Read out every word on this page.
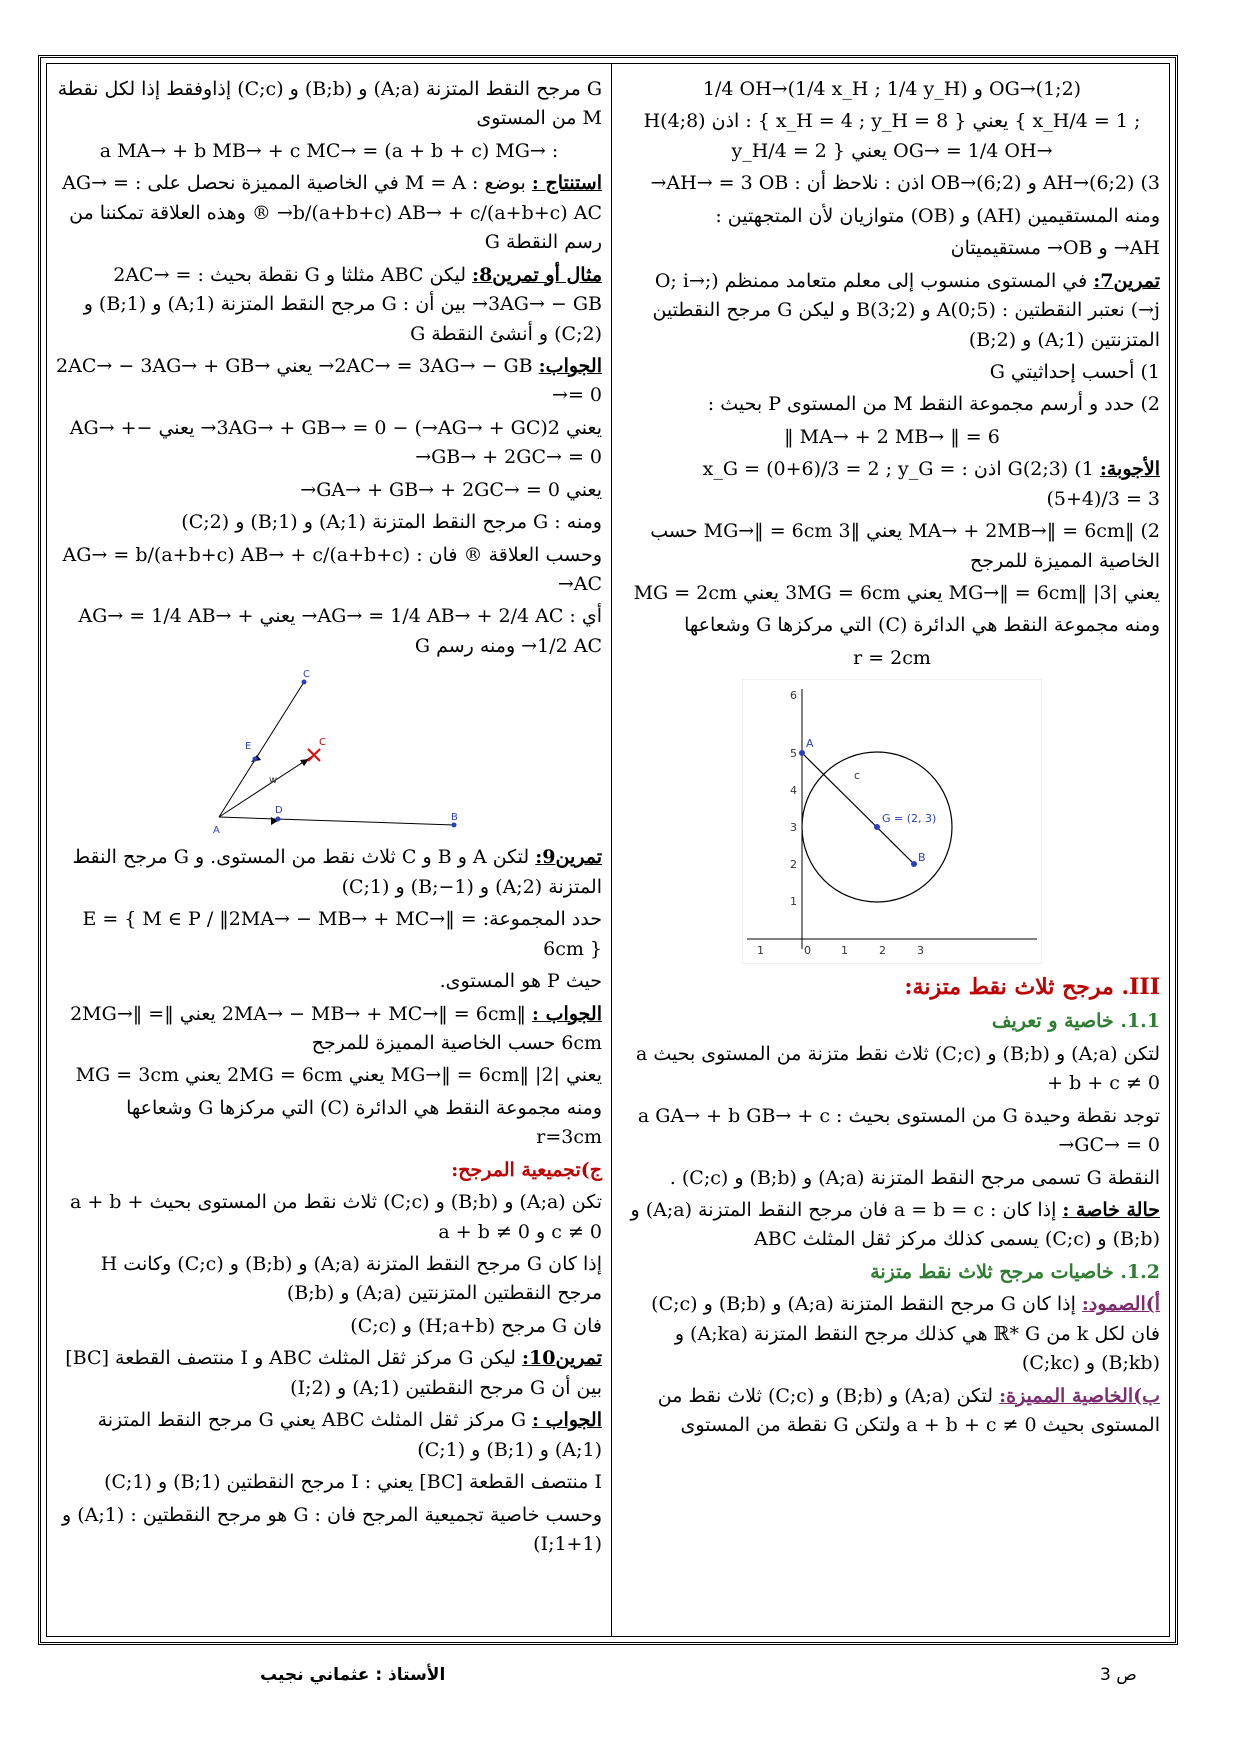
1/4 OH→(1/4 x_H ; 1/4 y_H) و OG→(1;2)

H(4;8) اذن : { x_H = 4 ; y_H = 8 } يعني { x_H/4 = 1 ; y_H/4 = 2 } يعني OG→ = 1/4 OH→

3) AH→(6;2) و OB→(6;2) اذن : نلاحظ أن : AH→ = 3 OB→

ومنه المستقيمين (AH) و (OB) متوازيان لأن المتجهتين :

AH→ و OB→ مستقيميتان

تمرين7: في المستوى منسوب إلى معلم متعامد ممنظم (O; i→; j→) نعتبر النقطتين : A(0;5) و B(3;2) و ليكن G مرجح النقطتين المتزنتين (A;1) و (B;2)

1) أحسب إحداثيتي G

2) حدد و أرسم مجموعة النقط M من المستوى P بحيث :

‖ MA→ + 2 MB→ ‖ = 6

الأجوبة: 1) G(2;3) اذن : x_G = (0+6)/3 = 2 ; y_G = (5+4)/3 = 3

2) ‖MA→ + 2MB→‖ = 6cm يعني ‖3 MG→‖ = 6cm حسب الخاصية المميزة للمرجح

يعني |3| ‖MG→‖ = 6cm يعني 3MG = 6cm يعني MG = 2cm

ومنه مجموعة النقط هي الدائرة (C) التي مركزها G وشعاعها

r = 2cm

1	0	1	2	3
1
2
3
4
5
6
A
G = (2, 3)
B
c

III. مرجح ثلاث نقط متزنة:

1.1. خاصية و تعريف

لتكن (A;a) و (B;b) و (C;c) ثلاث نقط متزنة من المستوى بحيث a + b + c ≠ 0

توجد نقطة وحيدة G من المستوى بحيث : a GA→ + b GB→ + c GC→ = 0→

النقطة G تسمى مرجح النقط المتزنة (A;a) و (B;b) و (C;c) .

حالة خاصة : إذا كان : a = b = c فان مرجح النقط المتزنة (A;a) و (B;b) و (C;c) يسمى كذلك مركز ثقل المثلث ABC

1.2. خاصيات مرجح ثلاث نقط متزنة

أ)الصمود: إذا كان G مرجح النقط المتزنة (A;a) و (B;b) و (C;c) فان لكل k من ℝ* G هي كذلك مرجح النقط المتزنة (A;ka) و (B;kb) و (C;kc)

ب)الخاصية المميزة: لتكن (A;a) و (B;b) و (C;c) ثلاث نقط من المستوى بحيث a + b + c ≠ 0 ولتكن G نقطة من المستوى

G مرجح النقط المتزنة (A;a) و (B;b) و (C;c) إذاوفقط إذا لكل نقطة M من المستوى

a MA→ + b MB→ + c MC→ = (a + b + c) MG→ :

استنتاج : بوضع : M = A في الخاصية المميزة نحصل على : AG→ = b/(a+b+c) AB→ + c/(a+b+c) AC→ ® وهذه العلاقة تمكننا من رسم النقطة G

مثال أو تمرين8: ليكن ABC مثلثا و G نقطة بحيث : 2AC→ = 3AG→ − GB→ بين أن : G مرجح النقط المتزنة (A;1) و (B;1) و (C;2) و أنشئ النقطة G

الجواب: 2AC→ = 3AG→ − GB→ يعني 2AC→ − 3AG→ + GB→ = 0→

يعني 2(AG→ + GC→) − 3AG→ + GB→ = 0→ يعني −AG→ + GB→ + 2GC→ = 0→

يعني GA→ + GB→ + 2GC→ = 0→

ومنه : G مرجح النقط المتزنة (A;1) و (B;1) و (C;2)

وحسب العلاقة ® فان : AG→ = b/(a+b+c) AB→ + c/(a+b+c) AC→

أي : AG→ = 1/4 AB→ + 2/4 AC→ يعني AG→ = 1/4 AB→ + 1/2 AC→ ومنه رسم G

A
B
C
D
E	C
w

تمرين9: لتكن A و B و C ثلاث نقط من المستوى. و G مرجح النقط المتزنة (A;2) و (B;−1) و (C;1)

حدد المجموعة: E = { M ∈ P / ‖2MA→ − MB→ + MC→‖ = 6cm }

حيث P هو المستوى.

الجواب : ‖2MA→ − MB→ + MC→‖ = 6cm يعني ‖2MG→‖ = 6cm حسب الخاصية المميزة للمرجح

يعني |2| ‖MG→‖ = 6cm يعني 2MG = 6cm يعني MG = 3cm

ومنه مجموعة النقط هي الدائرة (C) التي مركزها G وشعاعها r=3cm

ج)تجميعية المرجح:

تكن (A;a) و (B;b) و (C;c) ثلاث نقط من المستوى بحيث a + b + c ≠ 0 و a + b ≠ 0

إذا كان G مرجح النقط المتزنة (A;a) و (B;b) و (C;c) وكانت H مرجح النقطتين المتزنتين (A;a) و (B;b)

فان G مرجح (H;a+b) و (C;c)

تمرين10: ليكن G مركز ثقل المثلث ABC و I منتصف القطعة [BC] بين أن G مرجح النقطتين (A;1) و (I;2)

الجواب : G مركز ثقل المثلث ABC يعني G مرجح النقط المتزنة (A;1) و (B;1) و (C;1)

I منتصف القطعة [BC] يعني : I مرجح النقطتين (B;1) و (C;1)

وحسب خاصية تجميعية المرجح فان : G هو مرجح النقطتين : (A;1) و (I;1+1)

الأستاذ : عثماني نجيب	ص 3
